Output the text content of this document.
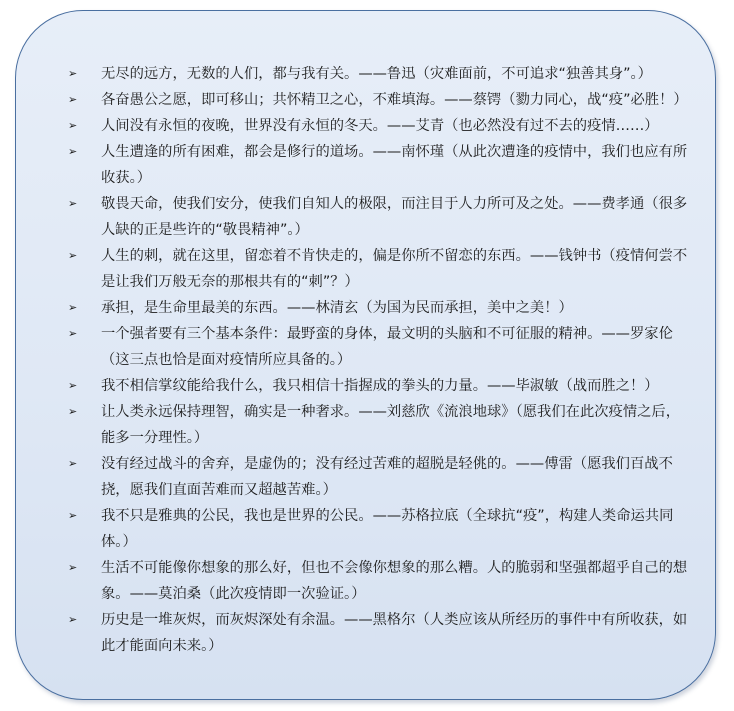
➢ 无尽的远方，无数的人们，都与我有关。——鲁迅（灾难面前，不可追求“独善其身”。）
➢ 各奋愚公之愿，即可移山；共怀精卫之心，不难填海。——蔡锷（勠力同心，战“疫”必胜！）
➢ 人间没有永恒的夜晚，世界没有永恒的冬天。——艾青（也必然没有过不去的疫情……）
➢ 人生遭逢的所有困难，都会是修行的道场。——南怀瑾（从此次遭逢的疫情中，我们也应有所收获。）
➢ 敬畏天命，使我们安分，使我们自知人的极限，而注目于人力所可及之处。——费孝通（很多人缺的正是些许的“敬畏精神”。）
➢ 人生的刺，就在这里，留恋着不肯快走的，偏是你所不留恋的东西。——钱钟书（疫情何尝不是让我们万般无奈的那根共有的“刺”？）
➢ 承担，是生命里最美的东西。——林清玄（为国为民而承担，美中之美！）
➢ 一个强者要有三个基本条件：最野蛮的身体，最文明的头脑和不可征服的精神。——罗家伦（这三点也恰是面对疫情所应具备的。）
➢ 我不相信掌纹能给我什么，我只相信十指握成的拳头的力量。——毕淑敏（战而胜之！）
➢ 让人类永远保持理智，确实是一种奢求。——刘慈欣《流浪地球》（愿我们在此次疫情之后，能多一分理性。）
➢ 没有经过战斗的舍弃，是虚伪的；没有经过苦难的超脱是轻佻的。——傅雷（愿我们百战不挠，愿我们直面苦难而又超越苦难。）
➢ 我不只是雅典的公民，我也是世界的公民。——苏格拉底（全球抗“疫”，构建人类命运共同体。）
➢ 生活不可能像你想象的那么好，但也不会像你想象的那么糟。人的脆弱和坚强都超乎自己的想象。——莫泊桑（此次疫情即一次验证。）
➢ 历史是一堆灰烬，而灰烬深处有余温。——黑格尔（人类应该从所经历的事件中有所收获，如此才能面向未来。）
